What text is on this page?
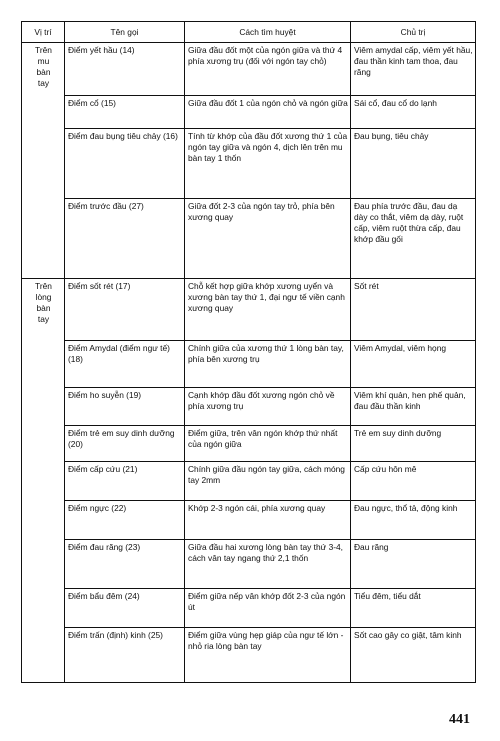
Vị trí	Tên gọi	Cách tìm huyệt	Chủ trị
Trên
mu
bàn
tay	Điểm yết hầu (14)	Giữa đầu đốt một của ngón giữa và thứ 4 phía xương trụ (đối với ngón tay chỏ)	Viêm amydal cấp, viêm yết hầu, đau thần kinh tam thoa, đau răng
	Điểm cổ (15)	Giữa đầu đốt 1 của ngón chỏ và ngón giữa	Sái cổ, đau cổ do lạnh
	Điểm đau bụng tiêu chảy (16)	Tính từ khớp của đầu đốt xương thứ 1 của ngón tay giữa và ngón 4, dịch lên trên mu bàn tay 1 thốn	Đau bụng, tiêu chảy
	Điểm trước đầu (27)	Giữa đốt 2-3 của ngón tay trỏ, phía bên xương quay	Đau phía trước đầu, đau dạ dày co thắt, viêm dạ dày, ruột cấp, viêm ruột thừa cấp, đau khớp đầu gối
Trên
lòng
bàn
tay	Điểm sốt rét (17)	Chỗ kết hợp giữa khớp xương uyển và xương bàn tay thứ 1, đại ngư tế viền cạnh xương quay	Sốt rét
	Điểm Amydal (điểm ngư tế) (18)	Chính giữa của xương thứ 1 lòng bàn tay, phía bên xương trụ	Viêm Amydal, viêm họng
	Điểm ho suyễn (19)	Cạnh khớp đầu đốt xương ngón chỏ về phía xương trụ	Viêm khí quản, hen phế quản, đau đầu thần kinh
	Điểm trẻ em suy dinh dưỡng (20)	Điểm giữa, trên vân ngón khớp thứ nhất của ngón giữa	Trẻ em suy dinh dưỡng
	Điểm cấp cứu (21)	Chính giữa đầu ngón tay giữa, cách móng tay 2mm	Cấp cứu hôn mê
	Điểm ngực (22)	Khớp 2-3 ngón cái, phía xương quay	Đau ngực, thổ tả, động kinh
	Điểm đau răng (23)	Giữa đầu hai xương lòng bàn tay thứ 3-4, cách vân tay ngang thứ 2,1 thốn	Đau răng
	Điểm bẩu đêm (24)	Điểm giữa nếp vân khớp đốt 2-3 của ngón út	Tiểu đêm, tiểu dắt
	Điểm trấn (định) kinh (25)	Điểm giữa vùng hẹp giáp của ngư tế lớn - nhỏ ria lòng bàn tay	Sốt cao gây co giật, tâm kinh
441
